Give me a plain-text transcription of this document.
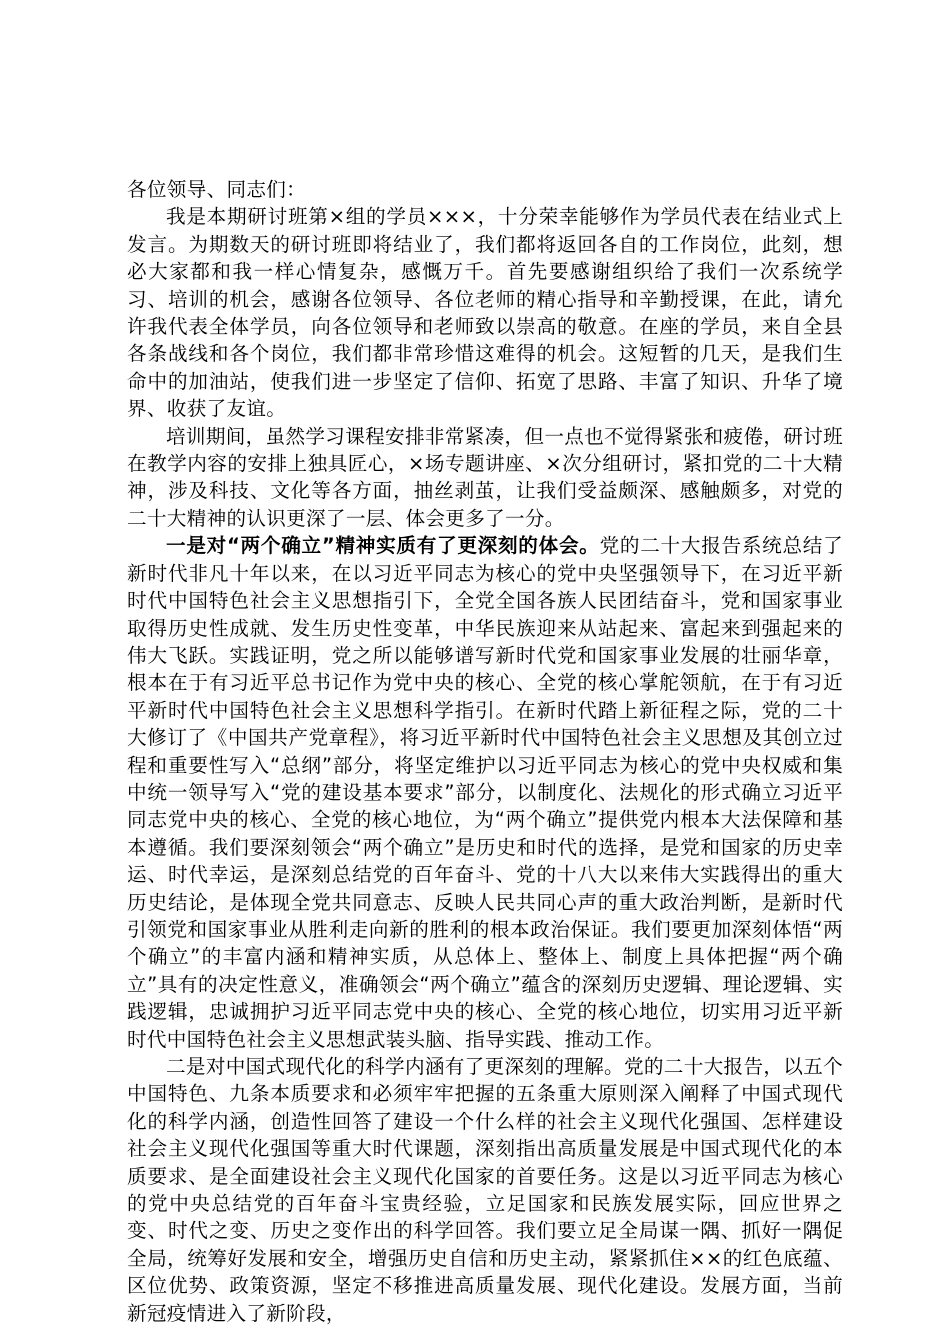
各位领导、同志们：

我是本期研讨班第×组的学员×××，十分荣幸能够作为学员代表在结业式上发言。为期数天的研讨班即将结业了，我们都将返回各自的工作岗位，此刻，想必大家都和我一样心情复杂，感慨万千。首先要感谢组织给了我们一次系统学习、培训的机会，感谢各位领导、各位老师的精心指导和辛勤授课，在此，请允许我代表全体学员，向各位领导和老师致以崇高的敬意。在座的学员，来自全县各条战线和各个岗位，我们都非常珍惜这难得的机会。这短暂的几天，是我们生命中的加油站，使我们进一步坚定了信仰、拓宽了思路、丰富了知识、升华了境界、收获了友谊。

培训期间，虽然学习课程安排非常紧凑，但一点也不觉得紧张和疲倦，研讨班在教学内容的安排上独具匠心，×场专题讲座、×次分组研讨，紧扣党的二十大精神，涉及科技、文化等各方面，抽丝剥茧，让我们受益颇深、感触颇多，对党的二十大精神的认识更深了一层、体会更多了一分。

一是对“两个确立”精神实质有了更深刻的体会。党的二十大报告系统总结了新时代非凡十年以来，在以习近平同志为核心的党中央坚强领导下，在习近平新时代中国特色社会主义思想指引下，全党全国各族人民团结奋斗，党和国家事业取得历史性成就、发生历史性变革，中华民族迎来从站起来、富起来到强起来的伟大飞跃。实践证明，党之所以能够谱写新时代党和国家事业发展的壮丽华章，根本在于有习近平总书记作为党中央的核心、全党的核心掌舵领航，在于有习近平新时代中国特色社会主义思想科学指引。在新时代踏上新征程之际，党的二十大修订了《中国共产党章程》，将习近平新时代中国特色社会主义思想及其创立过程和重要性写入“总纲”部分，将坚定维护以习近平同志为核心的党中央权威和集中统一领导写入“党的建设基本要求”部分，以制度化、法规化的形式确立习近平同志党中央的核心、全党的核心地位，为“两个确立”提供党内根本大法保障和基本遵循。我们要深刻领会“两个确立”是历史和时代的选择，是党和国家的历史幸运、时代幸运，是深刻总结党的百年奋斗、党的十八大以来伟大实践得出的重大历史结论，是体现全党共同意志、反映人民共同心声的重大政治判断，是新时代引领党和国家事业从胜利走向新的胜利的根本政治保证。我们要更加深刻体悟“两个确立”的丰富内涵和精神实质，从总体上、整体上、制度上具体把握“两个确立”具有的决定性意义，准确领会“两个确立”蕴含的深刻历史逻辑、理论逻辑、实践逻辑，忠诚拥护习近平同志党中央的核心、全党的核心地位，切实用习近平新时代中国特色社会主义思想武装头脑、指导实践、推动工作。

二是对中国式现代化的科学内涵有了更深刻的理解。党的二十大报告，以五个中国特色、九条本质要求和必须牢牢把握的五条重大原则深入阐释了中国式现代化的科学内涵，创造性回答了建设一个什么样的社会主义现代化强国、怎样建设社会主义现代化强国等重大时代课题，深刻指出高质量发展是中国式现代化的本质要求、是全面建设社会主义现代化国家的首要任务。这是以习近平同志为核心的党中央总结党的百年奋斗宝贵经验，立足国家和民族发展实际，回应世界之变、时代之变、历史之变作出的科学回答。我们要立足全局谋一隅、抓好一隅促全局，统筹好发展和安全，增强历史自信和历史主动，紧紧抓住××的红色底蕴、区位优势、政策资源，坚定不移推进高质量发展、现代化建设。发展方面，当前新冠疫情进入了新阶段，
